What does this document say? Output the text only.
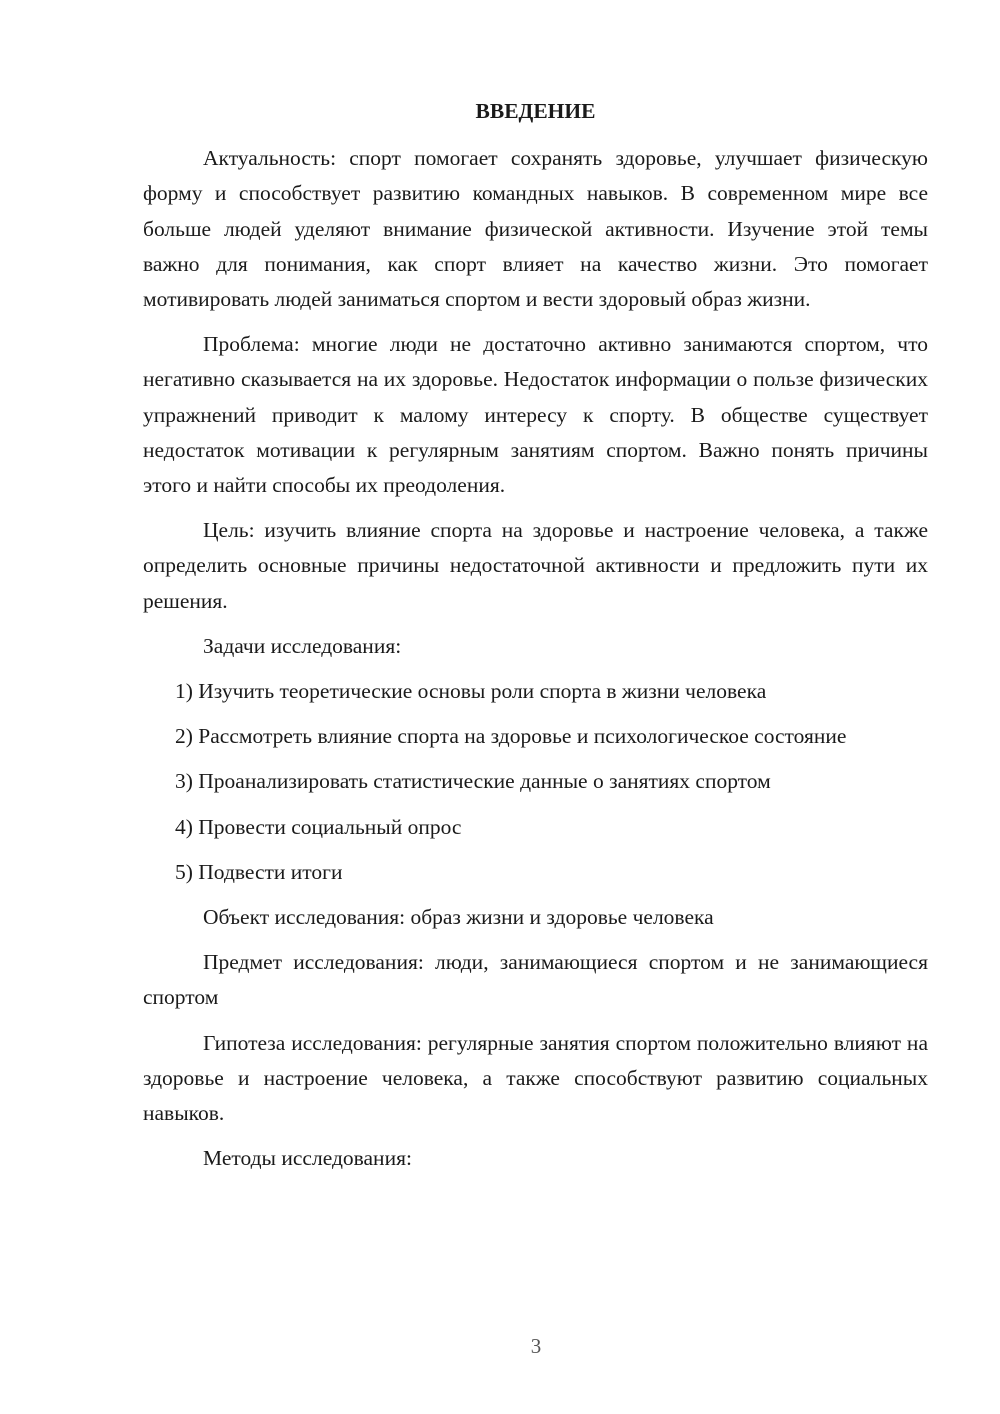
ВВЕДЕНИЕ

Актуальность: спорт помогает сохранять здоровье, улучшает физическую форму и способствует развитию командных навыков. В современном мире все больше людей уделяют внимание физической активности. Изучение этой темы важно для понимания, как спорт влияет на качество жизни. Это помогает мотивировать людей заниматься спортом и вести здоровый образ жизни.

Проблема: многие люди не достаточно активно занимаются спортом, что негативно сказывается на их здоровье. Недостаток информации о пользе физических упражнений приводит к малому интересу к спорту. В обществе существует недостаток мотивации к регулярным занятиям спортом. Важно понять причины этого и найти способы их преодоления.

Цель: изучить влияние спорта на здоровье и настроение человека, а также определить основные причины недостаточной активности и предложить пути их решения.

Задачи исследования:

1) Изучить теоретические основы роли спорта в жизни человека

2) Рассмотреть влияние спорта на здоровье и психологическое состояние

3) Проанализировать статистические данные о занятиях спортом

4) Провести социальный опрос

5) Подвести итоги

Объект исследования: образ жизни и здоровье человека

Предмет исследования: люди, занимающиеся спортом и не занимающиеся спортом

Гипотеза исследования: регулярные занятия спортом положительно влияют на здоровье и настроение человека, а также способствуют развитию социальных навыков.

Методы исследования:

3
